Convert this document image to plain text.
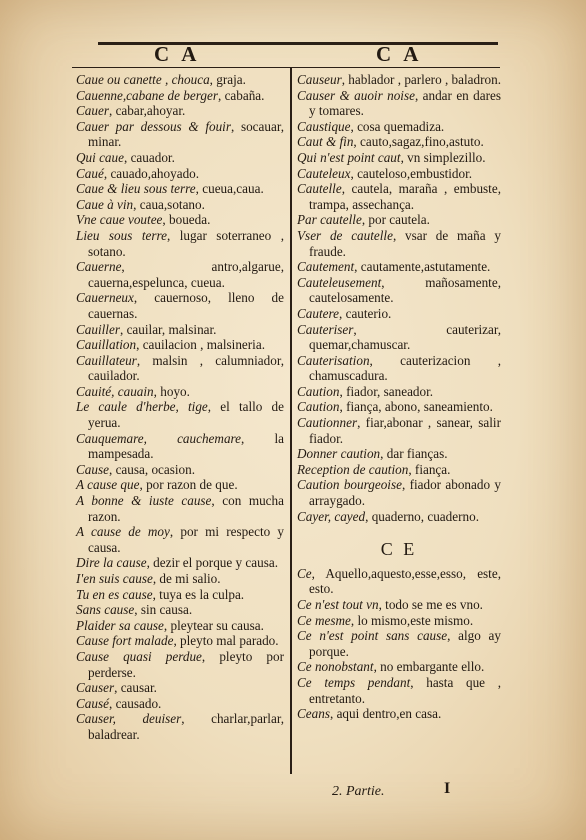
C A	C A

Caue ou canette , chouca, graja.

Cauenne,cabane de berger, cabaña.

Cauer, cabar,ahoyar.

Cauer par dessous & fouir, socauar, minar.

Qui caue, cauador.

Caué, cauado,ahoyado.

Caue & lieu sous terre, cueua,caua.

Caue à vin, caua,sotano.

Vne caue voutee, boueda.

Lieu sous terre, lugar soterraneo , sotano.

Cauerne, antro,algarue, cauerna,espelunca, cueua.

Cauerneux, cauernoso, lleno de cauernas.

Cauiller, cauilar, malsinar.

Cauillation, cauilacion , malsineria.

Cauillateur, malsin , calumniador, cauilador.

Cauité, cauain, hoyo.

Le caule d'herbe, tige, el tallo de yerua.

Cauquemare, cauchemare, la mampesada.

Cause, causa, ocasion.

A cause que, por razon de que.

A bonne & iuste cause, con mucha razon.

A cause de moy, por mi respecto y causa.

Dire la cause, dezir el porque y causa.

I'en suis cause, de mi salio.

Tu en es cause, tuya es la culpa.

Sans cause, sin causa.

Plaider sa cause, pleytear su causa.

Cause fort malade, pleyto mal parado.

Cause quasi perdue, pleyto por perderse.

Causer, causar.

Causé, causado.

Causer, deuiser, charlar,parlar, baladrear.

Causeur, hablador , parlero , baladron.

Causer & auoir noise, andar en dares y tomares.

Caustique, cosa quemadiza.

Caut & fin, cauto,sagaz,fino,astuto.

Qui n'est point caut, vn simplezillo.

Cauteleux, cauteloso,embustidor.

Cautelle, cautela, maraña , embuste, trampa, assechança.

Par cautelle, por cautela.

Vser de cautelle, vsar de maña y fraude.

Cautement, cautamente,astutamente.

Cauteleusement, mañosamente, cautelosamente.

Cautere, cauterio.

Cauteriser, cauterizar, quemar,chamuscar.

Cauterisation, cauterizacion , chamuscadura.

Caution, fiador, saneador.

Caution, fiança, abono, saneamiento.

Cautionner, fiar,abonar , sanear, salir fiador.

Donner caution, dar fianças.

Reception de caution, fiança.

Caution bourgeoise, fiador abonado y arraygado.

Cayer, cayed, quaderno, cuaderno.

C E

Ce, Aquello,aquesto,esse,esso, este, esto.

Ce n'est tout vn, todo se me es vno.

Ce mesme, lo mismo,este mismo.

Ce n'est point sans cause, algo ay porque.

Ce nonobstant, no embargante ello.

Ce temps pendant, hasta que , entretanto.

Ceans, aqui dentro,en casa.

2. Partie.	I
